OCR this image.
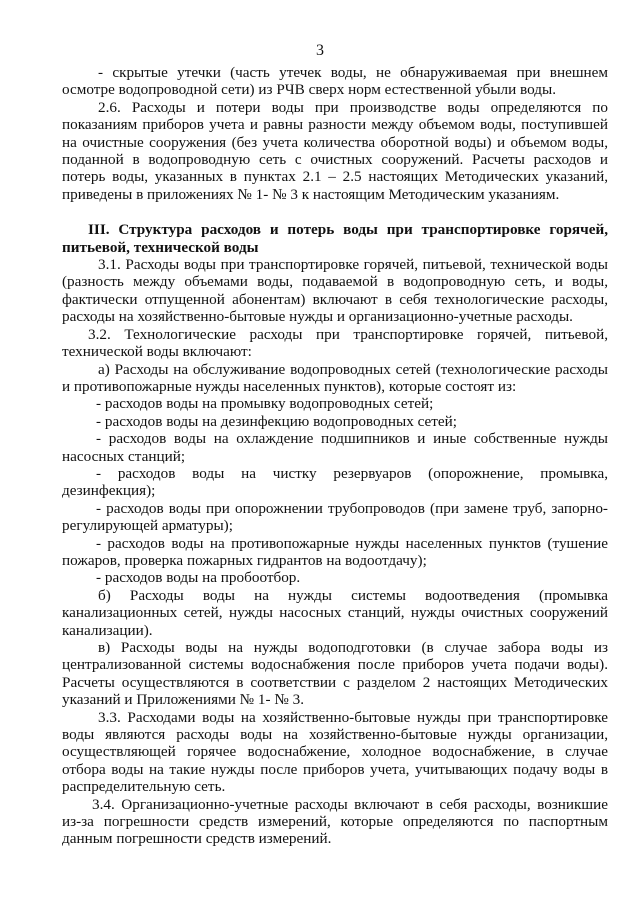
3

- скрытые утечки (часть утечек воды, не обнаруживаемая при внешнем осмотре водопроводной сети) из РЧВ сверх норм естественной убыли воды.

2.6. Расходы и потери воды при производстве воды определяются по показаниям приборов учета и равны разности между объемом воды, поступившей на очистные сооружения (без учета количества оборотной воды) и объемом воды, поданной в водопроводную сеть с очистных сооружений. Расчеты расходов и потерь воды, указанных в пунктах 2.1 – 2.5 настоящих Методических указаний, приведены в приложениях № 1- № 3 к настоящим Методическим указаниям.

III. Структура расходов и потерь воды при транспортировке горячей, питьевой, технической воды

3.1. Расходы воды при транспортировке горячей, питьевой, технической воды (разность между объемами воды, подаваемой в водопроводную сеть, и воды, фактически отпущенной абонентам) включают в себя технологические расходы, расходы на хозяйственно-бытовые нужды и организационно-учетные расходы.

3.2. Технологические расходы при транспортировке горячей, питьевой, технической воды включают:

а) Расходы на обслуживание водопроводных сетей (технологические расходы и противопожарные нужды населенных пунктов), которые состоят из:

- расходов воды на промывку водопроводных сетей;

- расходов воды на дезинфекцию водопроводных сетей;

- расходов воды на охлаждение подшипников и иные собственные нужды насосных станций;

- расходов воды на чистку резервуаров (опорожнение, промывка, дезинфекция);

- расходов воды при опорожнении трубопроводов (при замене труб, запорно-регулирующей арматуры);

- расходов воды на противопожарные нужды населенных пунктов (тушение пожаров, проверка пожарных гидрантов на водоотдачу);

- расходов воды на пробоотбор.

б) Расходы воды на нужды системы водоотведения (промывка канализационных сетей, нужды насосных станций, нужды очистных сооружений канализации).

в) Расходы воды на нужды водоподготовки (в случае забора воды из централизованной системы водоснабжения после приборов учета подачи воды). Расчеты осуществляются в соответствии с разделом 2 настоящих Методических указаний и Приложениями № 1- № 3.

3.3. Расходами воды на хозяйственно-бытовые нужды при транспортировке воды являются расходы воды на хозяйственно-бытовые нужды организации, осуществляющей горячее водоснабжение, холодное водоснабжение, в случае отбора воды на такие нужды после приборов учета, учитывающих подачу воды в распределительную сеть.

3.4. Организационно-учетные расходы включают в себя расходы, возникшие из-за погрешности средств измерений, которые определяются по паспортным данным погрешности средств измерений.
